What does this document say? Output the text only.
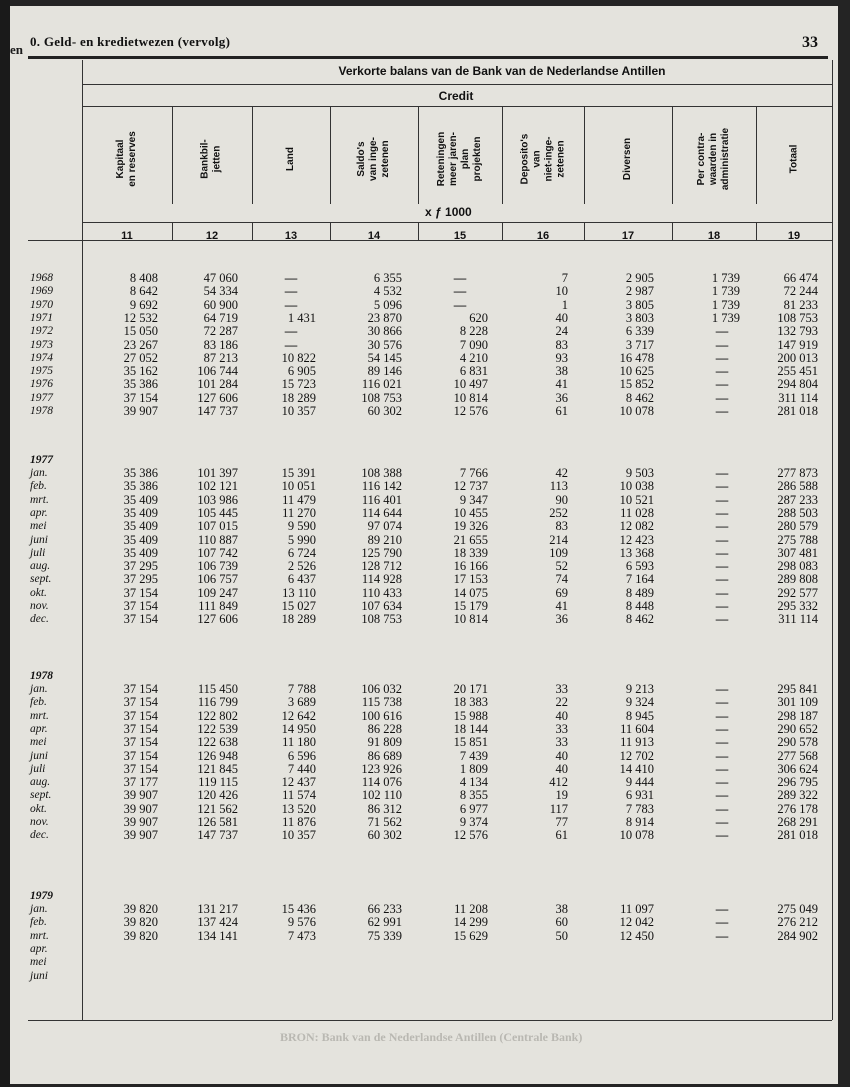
en
0. Geld- en kredietwezen (vervolg)	33
Verkorte balans van de Bank van de Nederlandse Antillen
Credit
Kapitaal
en reserves
11
Bankbil-
jetten
12
Land
13
Saldo's
van inge-
zetenen
14
Reteningen
meer jaren-
plan
projekten
15
Deposito's
van
niet-inge-
zetenen
16
Diversen
17
Per contra-
waarden in
administratie
18
Totaal
19
x ƒ 1000
1968	8 408	47 060	—	6 355	—	7	2 905	1 739	66 474
1969	8 642	54 334	—	4 532	—	10	2 987	1 739	72 244
1970	9 692	60 900	—	5 096	—	1	3 805	1 739	81 233
1971	12 532	64 719	1 431	23 870	620	40	3 803	1 739	108 753
1972	15 050	72 287	—	30 866	8 228	24	6 339	—	132 793
1973	23 267	83 186	—	30 576	7 090	83	3 717	—	147 919
1974	27 052	87 213	10 822	54 145	4 210	93	16 478	—	200 013
1975	35 162	106 744	6 905	89 146	6 831	38	10 625	—	255 451
1976	35 386	101 284	15 723	116 021	10 497	41	15 852	—	294 804
1977	37 154	127 606	18 289	108 753	10 814	36	8 462	—	311 114
1978	39 907	147 737	10 357	60 302	12 576	61	10 078	—	281 018
1977
jan.	35 386	101 397	15 391	108 388	7 766	42	9 503	—	277 873
feb.	35 386	102 121	10 051	116 142	12 737	113	10 038	—	286 588
mrt.	35 409	103 986	11 479	116 401	9 347	90	10 521	—	287 233
apr.	35 409	105 445	11 270	114 644	10 455	252	11 028	—	288 503
mei	35 409	107 015	9 590	97 074	19 326	83	12 082	—	280 579
juni	35 409	110 887	5 990	89 210	21 655	214	12 423	—	275 788
juli	35 409	107 742	6 724	125 790	18 339	109	13 368	—	307 481
aug.	37 295	106 739	2 526	128 712	16 166	52	6 593	—	298 083
sept.	37 295	106 757	6 437	114 928	17 153	74	7 164	—	289 808
okt.	37 154	109 247	13 110	110 433	14 075	69	8 489	—	292 577
nov.	37 154	111 849	15 027	107 634	15 179	41	8 448	—	295 332
dec.	37 154	127 606	18 289	108 753	10 814	36	8 462	—	311 114
1978
jan.	37 154	115 450	7 788	106 032	20 171	33	9 213	—	295 841
feb.	37 154	116 799	3 689	115 738	18 383	22	9 324	—	301 109
mrt.	37 154	122 802	12 642	100 616	15 988	40	8 945	—	298 187
apr.	37 154	122 539	14 950	86 228	18 144	33	11 604	—	290 652
mei	37 154	122 638	11 180	91 809	15 851	33	11 913	—	290 578
juni	37 154	126 948	6 596	86 689	7 439	40	12 702	—	277 568
juli	37 154	121 845	7 440	123 926	1 809	40	14 410	—	306 624
aug.	37 177	119 115	12 437	114 076	4 134	412	9 444	—	296 795
sept.	39 907	120 426	11 574	102 110	8 355	19	6 931	—	289 322
okt.	39 907	121 562	13 520	86 312	6 977	117	7 783	—	276 178
nov.	39 907	126 581	11 876	71 562	9 374	77	8 914	—	268 291
dec.	39 907	147 737	10 357	60 302	12 576	61	10 078	—	281 018
1979
jan.	39 820	131 217	15 436	66 233	11 208	38	11 097	—	275 049
feb.	39 820	137 424	9 576	62 991	14 299	60	12 042	—	276 212
mrt.	39 820	134 141	7 473	75 339	15 629	50	12 450	—	284 902
apr.
mei
juni
BRON: Bank van de Nederlandse Antillen (Centrale Bank)
